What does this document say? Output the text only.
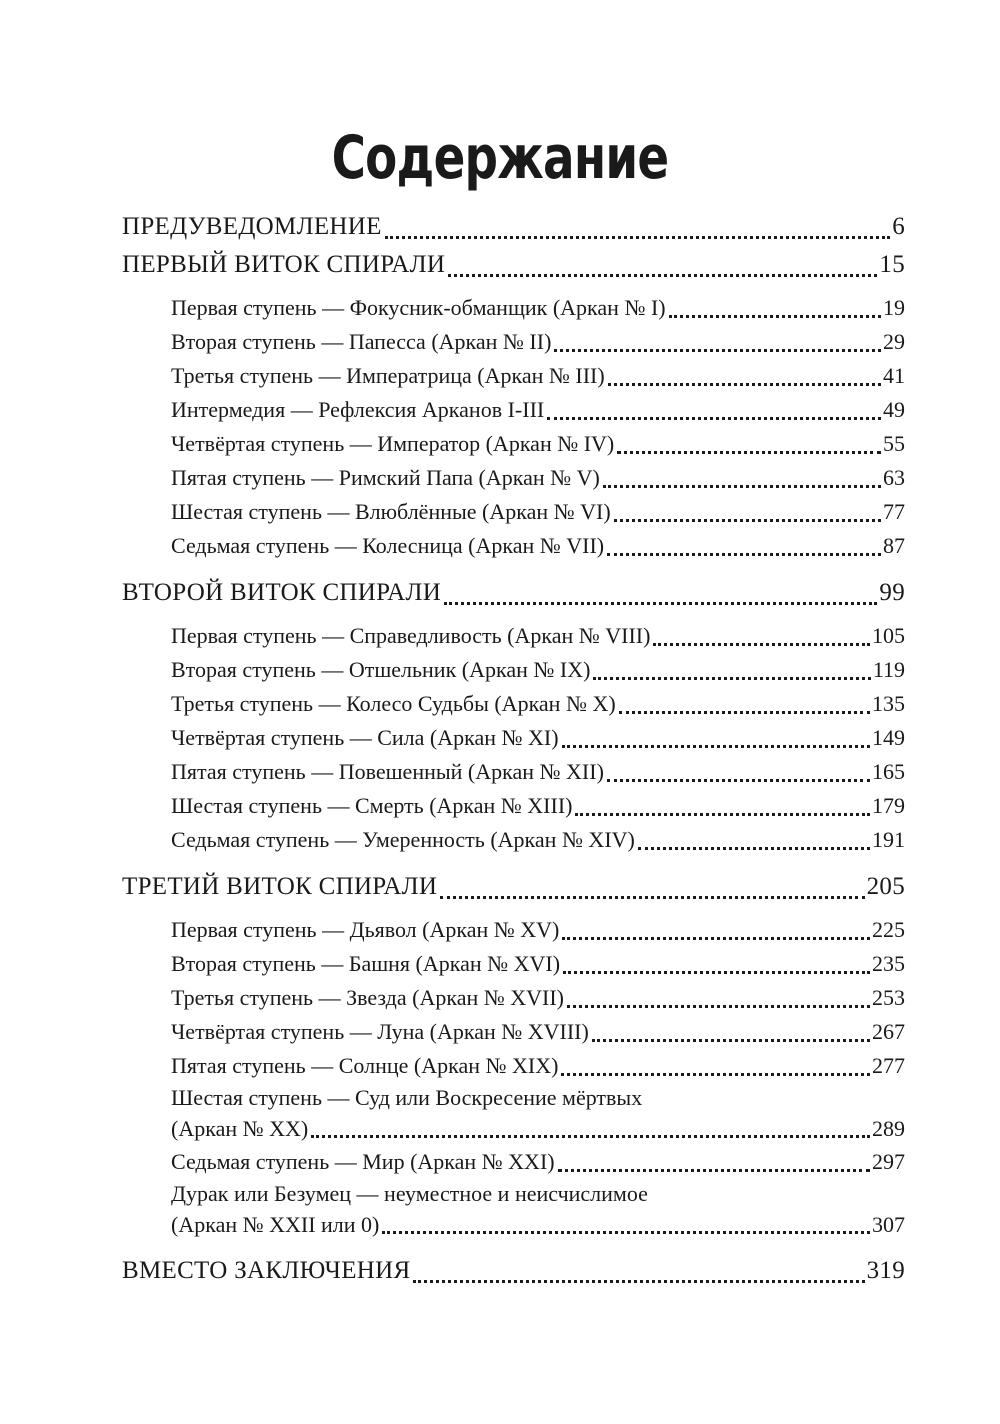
Содержание
ПРЕДУВЕДОМЛЕНИЕ	6
ПЕРВЫЙ ВИТОК СПИРАЛИ	15
Первая ступень — Фокусник-обманщик (Аркан № I)	19
Вторая ступень — Папесса (Аркан № II)	29
Третья ступень — Императрица (Аркан № III)	41
Интермедия — Рефлексия Арканов I-III	49
Четвёртая ступень — Император (Аркан № IV)	55
Пятая ступень — Римский Папа (Аркан № V)	63
Шестая ступень — Влюблённые (Аркан № VI)	77
Седьмая ступень — Колесница (Аркан № VII)	87
ВТОРОЙ ВИТОК СПИРАЛИ	99
Первая ступень — Справедливость (Аркан № VIII)	105
Вторая ступень — Отшельник (Аркан № IX)	119
Третья ступень — Колесо Судьбы (Аркан № X)	135
Четвёртая ступень — Сила (Аркан № XI)	149
Пятая ступень — Повешенный (Аркан № XII)	165
Шестая ступень — Смерть (Аркан № XIII)	179
Седьмая ступень — Умеренность (Аркан № XIV)	191
ТРЕТИЙ ВИТОК СПИРАЛИ	205
Первая ступень — Дьявол (Аркан № XV)	225
Вторая ступень — Башня (Аркан № XVI)	235
Третья ступень — Звезда (Аркан № XVII)	253
Четвёртая ступень — Луна (Аркан № XVIII)	267
Пятая ступень — Солнце (Аркан № XIX)	277
Шестая ступень — Суд или Воскресение мёртвых
(Аркан № XX)	289
Седьмая ступень — Мир (Аркан № XXI)	297
Дурак или Безумец — неуместное и неисчислимое
(Аркан № XXII или 0)	307
ВМЕСТО ЗАКЛЮЧЕНИЯ	319
